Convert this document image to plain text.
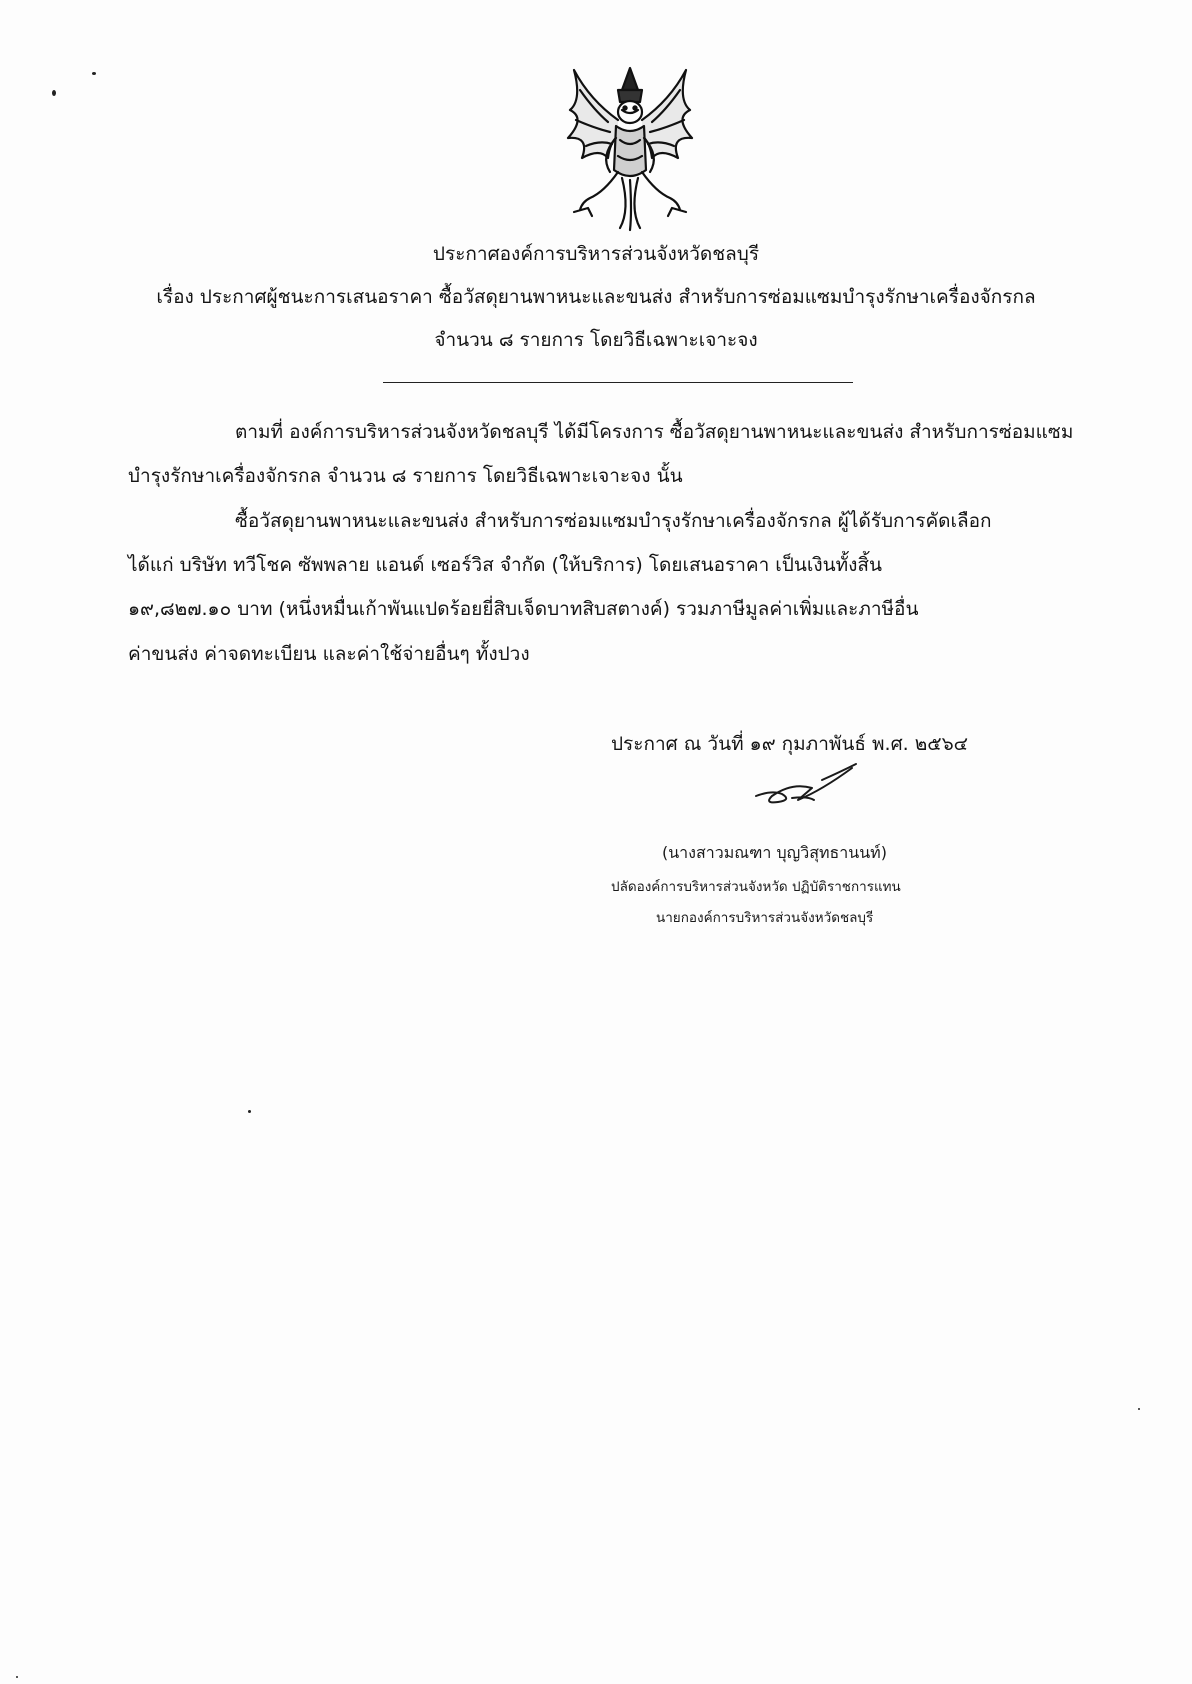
ประกาศองค์การบริหารส่วนจังหวัดชลบุรี
เรื่อง ประกาศผู้ชนะการเสนอราคา ซื้อวัสดุยานพาหนะและขนส่ง สำหรับการซ่อมแซมบำรุงรักษาเครื่องจักรกล
จำนวน ๘ รายการ โดยวิธีเฉพาะเจาะจง
ตามที่ องค์การบริหารส่วนจังหวัดชลบุรี ได้มีโครงการ ซื้อวัสดุยานพาหนะและขนส่ง สำหรับการซ่อมแซม
บำรุงรักษาเครื่องจักรกล จำนวน ๘ รายการ โดยวิธีเฉพาะเจาะจง นั้น
ซื้อวัสดุยานพาหนะและขนส่ง สำหรับการซ่อมแซมบำรุงรักษาเครื่องจักรกล ผู้ได้รับการคัดเลือก
ได้แก่ บริษัท ทวีโชค ซัพพลาย แอนด์ เซอร์วิส จำกัด (ให้บริการ) โดยเสนอราคา เป็นเงินทั้งสิ้น
๑๙,๘๒๗.๑๐ บาท (หนึ่งหมื่นเก้าพันแปดร้อยยี่สิบเจ็ดบาทสิบสตางค์) รวมภาษีมูลค่าเพิ่มและภาษีอื่น
ค่าขนส่ง ค่าจดทะเบียน และค่าใช้จ่ายอื่นๆ ทั้งปวง
ประกาศ ณ วันที่ ๑๙ กุมภาพันธ์ พ.ศ. ๒๕๖๔
(นางสาวมณฑา บุญวิสุทธานนท์)
ปลัดองค์การบริหารส่วนจังหวัด ปฏิบัติราชการแทน
นายกองค์การบริหารส่วนจังหวัดชลบุรี
